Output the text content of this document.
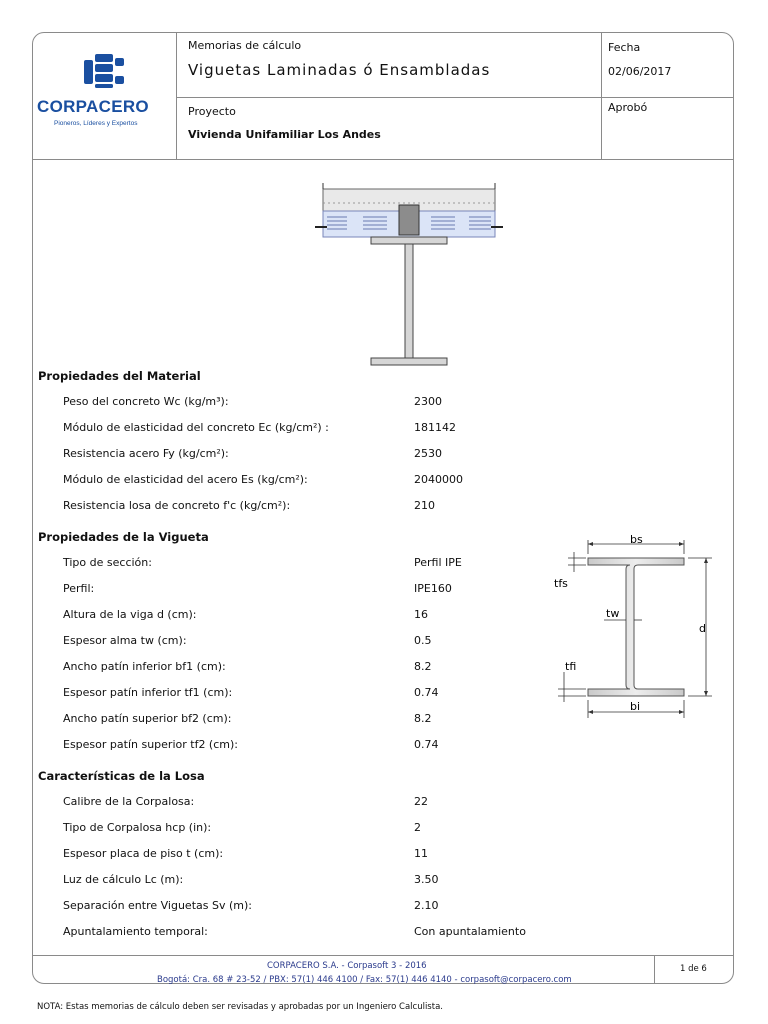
CORPACERO
Pioneros, Líderes y Expertos
Memorias de cálculo
Viguetas Laminadas ó Ensambladas
Fecha
02/06/2017
Proyecto
Vivienda Unifamiliar Los Andes
Aprobó
Propiedades del Material
Peso del concreto Wc (kg/m³):	2300
Módulo de elasticidad del concreto Ec (kg/cm²) :	181142
Resistencia acero Fy (kg/cm²):	2530
Módulo de elasticidad del acero Es (kg/cm²):	2040000
Resistencia losa de concreto f'c (kg/cm²):	210
Propiedades de la Vigueta
Tipo de sección:	Perfil IPE
Perfil:	IPE160
Altura de la viga d (cm):	16
Espesor alma tw (cm):	0.5
Ancho patín inferior bf1 (cm):	8.2
Espesor patín inferior tf1 (cm):	0.74
Ancho patín superior bf2 (cm):	8.2
Espesor patín superior tf2 (cm):	0.74
bs
bi
d
tfs
tw
tfi
Características de la Losa
Calibre de la Corpalosa:	22
Tipo de Corpalosa hcp (in):	2
Espesor placa de piso t (cm):	11
Luz de cálculo Lc (m):	3.50
Separación entre Viguetas Sv (m):	2.10
Apuntalamiento temporal:	Con apuntalamiento
CORPACERO S.A. - Corpasoft 3 - 2016
Bogotá: Cra. 68 # 23-52 / PBX: 57(1) 446 4100 / Fax: 57(1) 446 4140 - corpasoft@corpacero.com
1 de 6
NOTA: Estas memorias de cálculo deben ser revisadas y aprobadas por un Ingeniero Calculista.
